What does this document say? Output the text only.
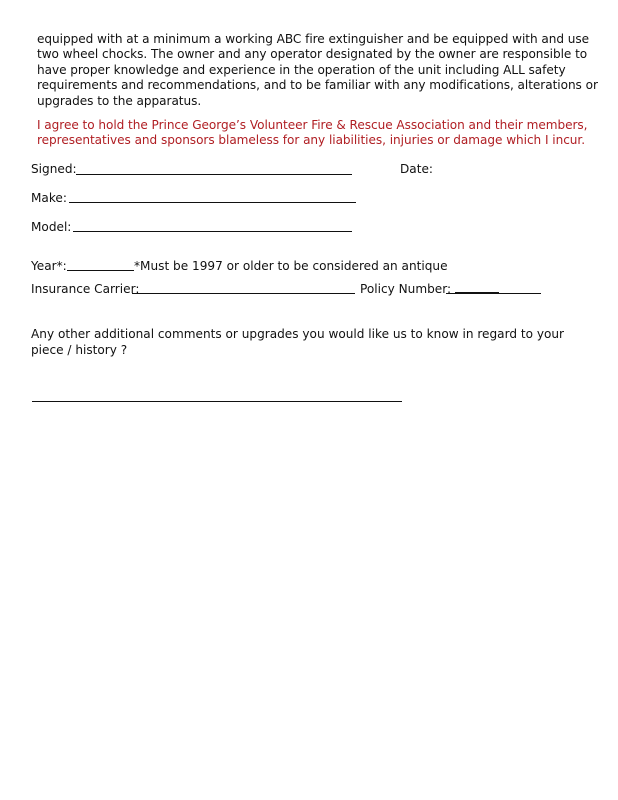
equipped with at a minimum a working ABC fire extinguisher and be equipped with and use two wheel chocks. The owner and any operator designated by the owner are responsible to have proper knowledge and experience in the operation of the unit including ALL safety requirements and recommendations, and to be familiar with any modifications, alterations or upgrades to the apparatus.

I agree to hold the Prince George’s Volunteer Fire & Rescue Association and their members, representatives and sponsors blameless for any liabilities, injuries or damage which I incur.

Signed:	Date:
Make:
Model:
Year*:	*Must be 1997 or older to be considered an antique
Insurance Carrier:	Policy Number:

Any other additional comments or upgrades you would like us to know in regard to your piece / history ?
